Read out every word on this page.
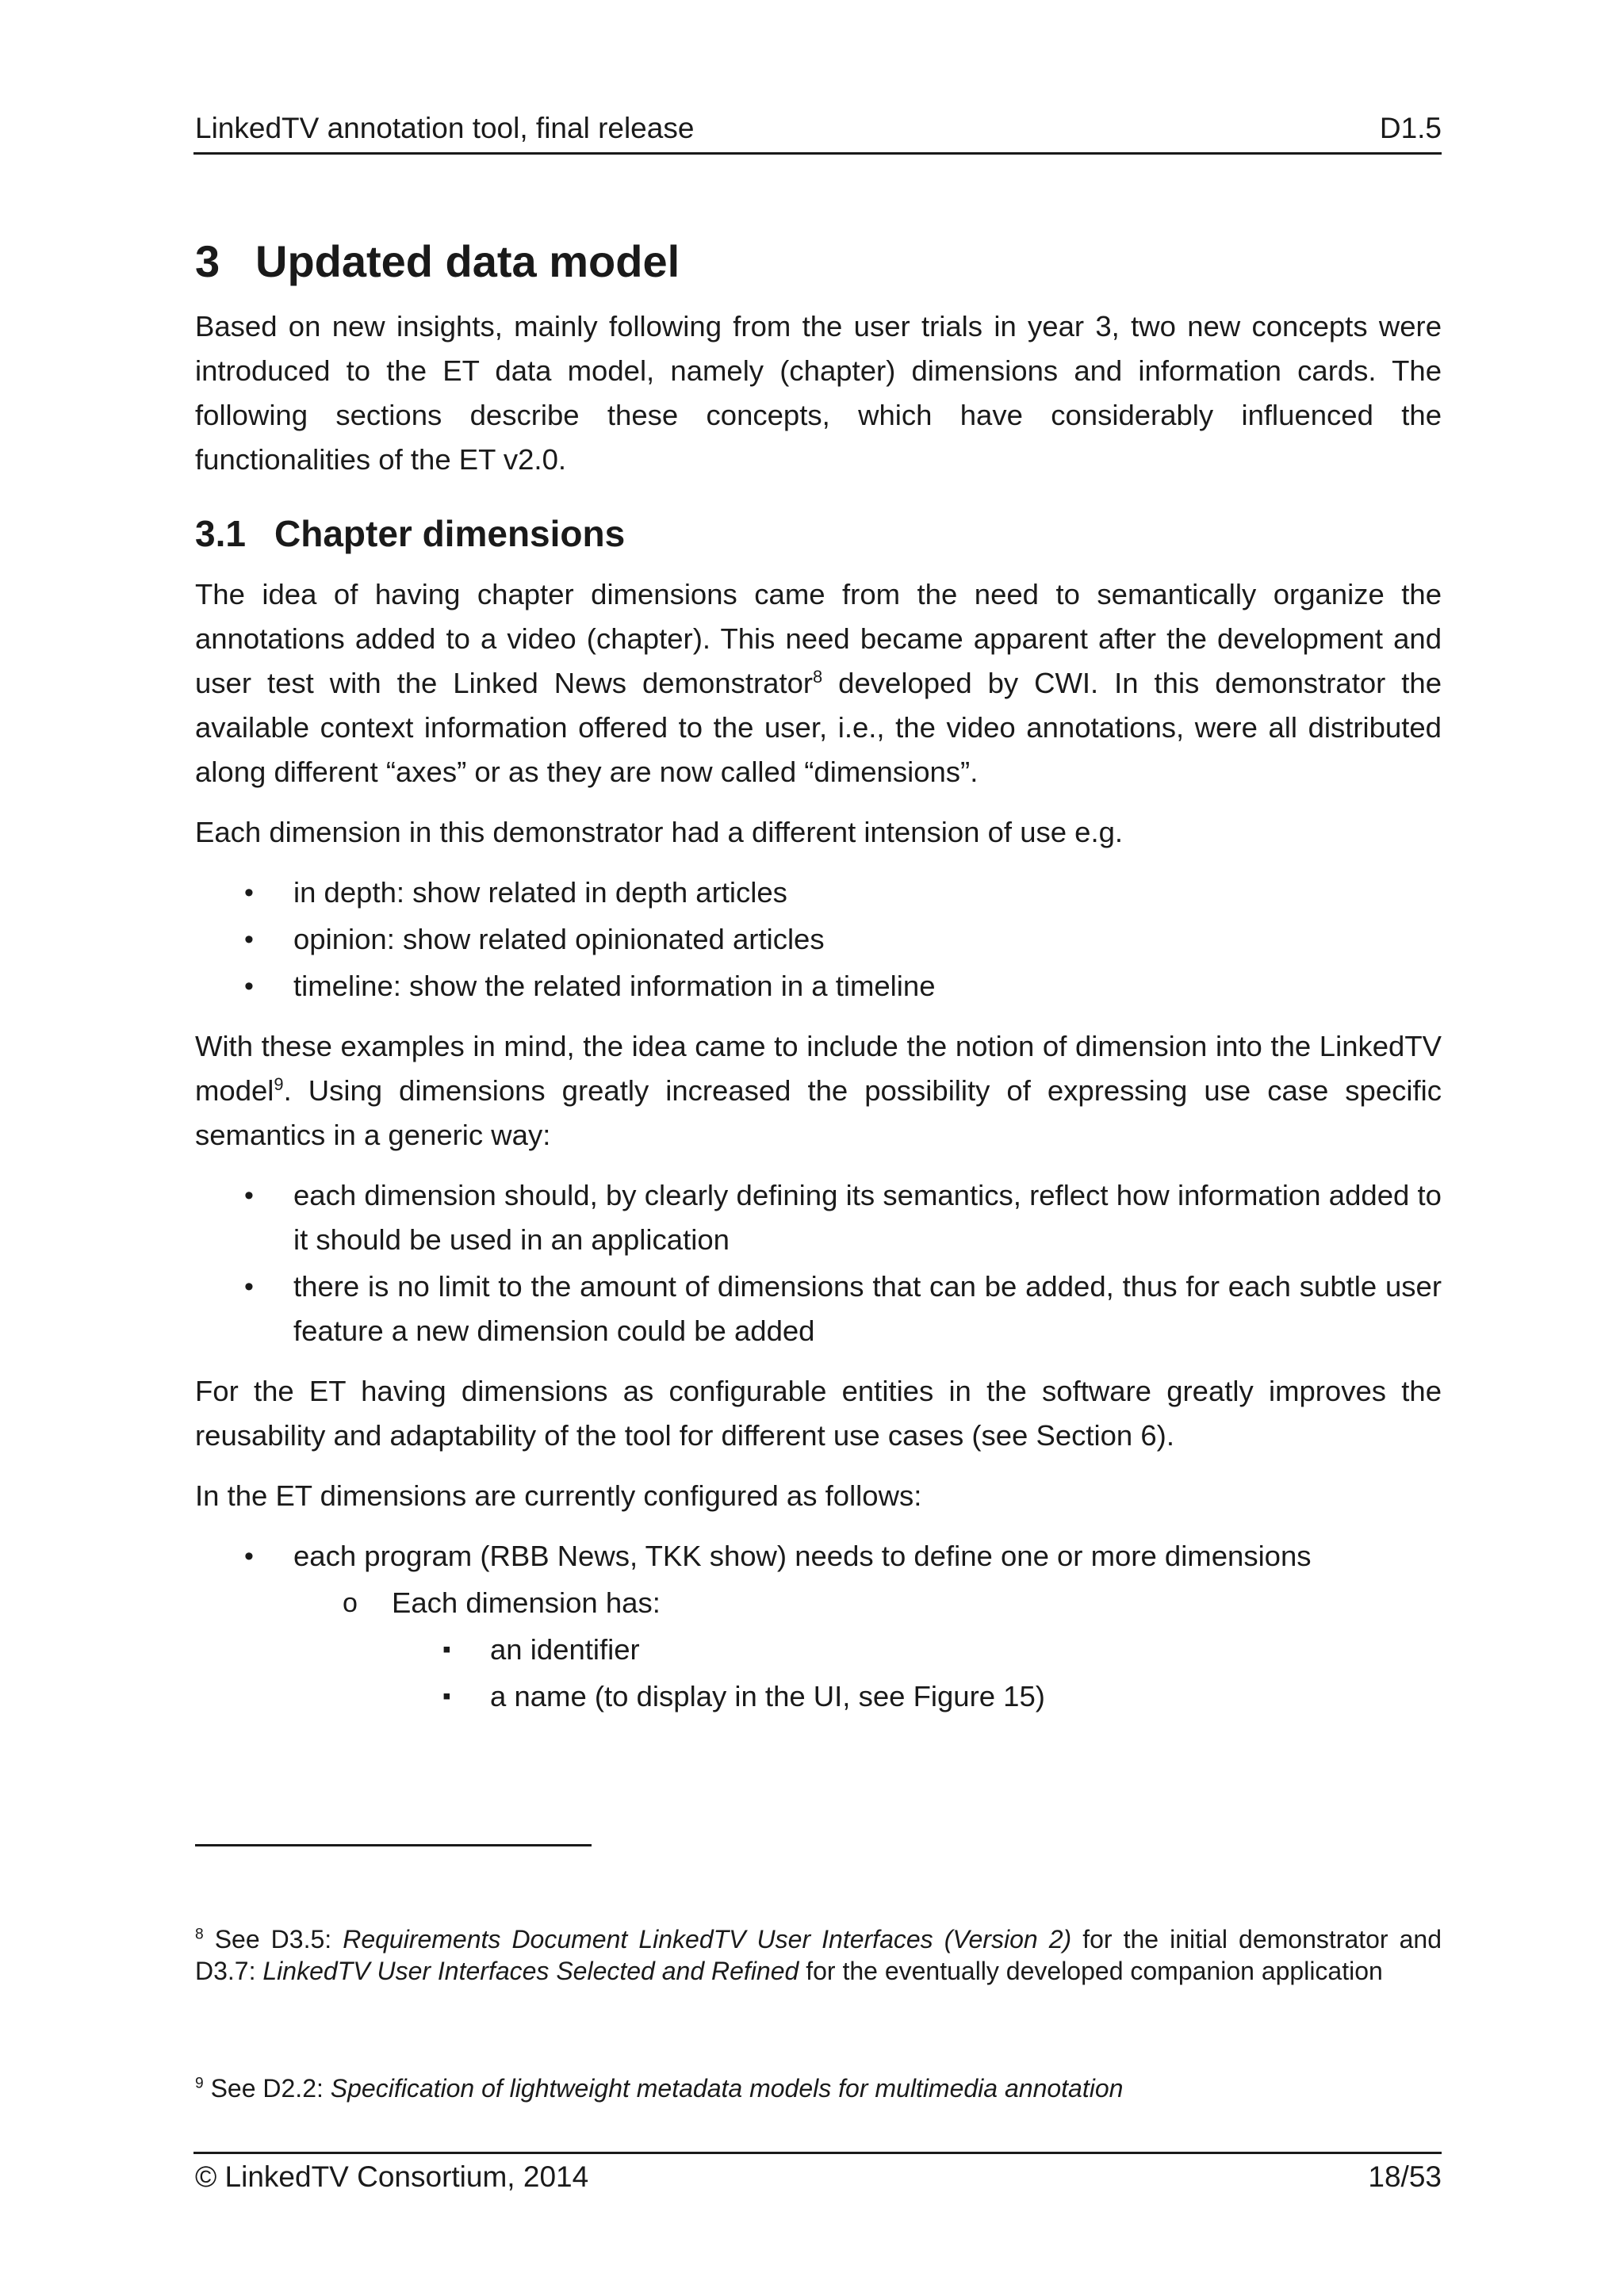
LinkedTV annotation tool, final release	D1.5
3 Updated data model

Based on new insights, mainly following from the user trials in year 3, two new concepts were introduced to the ET data model, namely (chapter) dimensions and information cards. The following sections describe these concepts, which have considerably influenced the functionalities of the ET v2.0.

3.1 Chapter dimensions

The idea of having chapter dimensions came from the need to semantically organize the annotations added to a video (chapter). This need became apparent after the development and user test with the Linked News demonstrator$^8$ developed by CWI. In this demonstrator the available context information offered to the user, i.e., the video annotations, were all distributed along different “axes” or as they are now called “dimensions”.

Each dimension in this demonstrator had a different intension of use e.g.

• in depth: show related in depth articles
• opinion: show related opinionated articles
• timeline: show the related information in a timeline

With these examples in mind, the idea came to include the notion of dimension into the LinkedTV model$^9$. Using dimensions greatly increased the possibility of expressing use case specific semantics in a generic way:

• each dimension should, by clearly defining its semantics, reflect how information added to it should be used in an application
• there is no limit to the amount of dimensions that can be added, thus for each subtle user feature a new dimension could be added

For the ET having dimensions as configurable entities in the software greatly improves the reusability and adaptability of the tool for different use cases (see Section 6).

In the ET dimensions are currently configured as follows:

• each program (RBB News, TKK show) needs to define one or more dimensions
o Each dimension has:
▪ an identifier
▪ a name (to display in the UI, see Figure 15)
$^8$ See D3.5: Requirements Document LinkedTV User Interfaces (Version 2) for the initial demonstrator and D3.7: LinkedTV User Interfaces Selected and Refined for the eventually developed companion application
$^9$ See D2.2: Specification of lightweight metadata models for multimedia annotation
© LinkedTV Consortium, 2014	18/53
